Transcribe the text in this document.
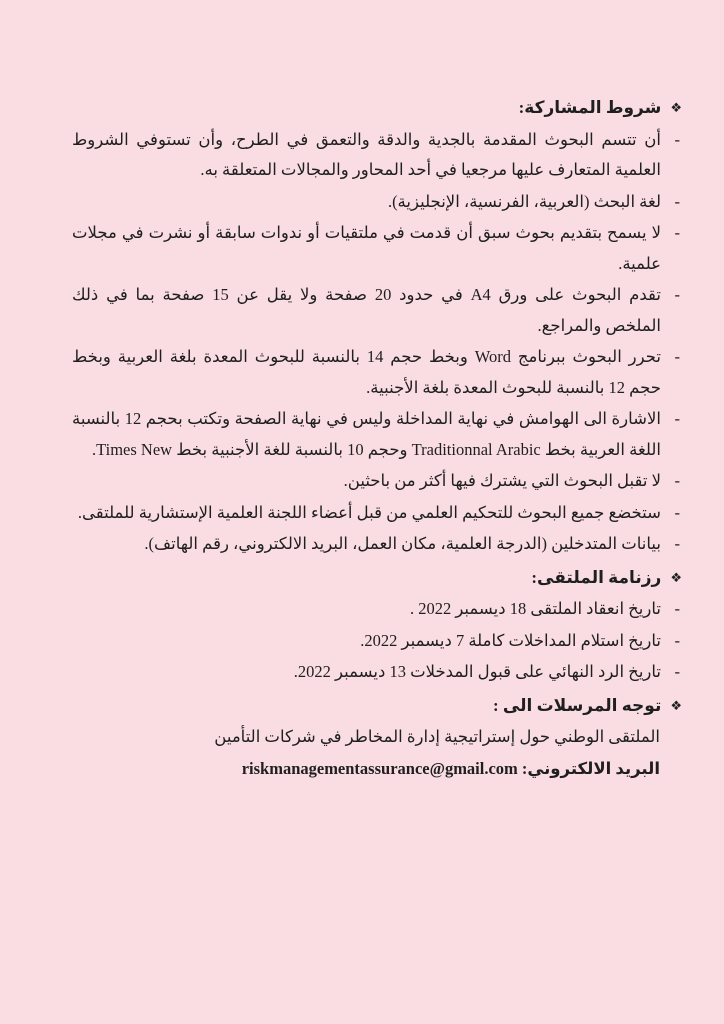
❖شروط المشاركة:
-
أن تتسم البحوث المقدمة بالجدية والدقة والتعمق في الطرح، وأن تستوفي الشروط العلمية المتعارف عليها مرجعيا في أحد المحاور والمجالات المتعلقة به.
-
لغة البحث (العربية، الفرنسية، الإنجليزية).
-
لا يسمح بتقديم بحوث سبق أن قدمت في ملتقيات أو ندوات سابقة أو نشرت في مجلات علمية.
-
تقدم البحوث على ورق A4 في حدود 20 صفحة ولا يقل عن 15 صفحة بما في ذلك الملخص والمراجع.
-
تحرر البحوث ببرنامج Word وبخط حجم 14 بالنسبة للبحوث المعدة بلغة العربية وبخط حجم 12 بالنسبة للبحوث المعدة بلغة الأجنبية.
-
الاشارة الى الهوامش في نهاية المداخلة وليس في نهاية الصفحة وتكتب بحجم 12 بالنسبة اللغة العربية بخط Traditionnal Arabic وحجم 10 بالنسبة للغة الأجنبية بخط Times New.
-
لا تقبل البحوث التي يشترك فيها أكثر من باحثين.
-
ستخضع جميع البحوث للتحكيم العلمي من قبل أعضاء اللجنة العلمية الإستشارية للملتقى.
-
بيانات المتدخلين (الدرجة العلمية، مكان العمل، البريد الالكتروني، رقم الهاتف).
❖رزنامة الملتقى:
-
تاريخ انعقاد الملتقى 18 ديسمبر 2022 .
-
تاريخ استلام المداخلات كاملة 7 ديسمبر 2022.
-
تاريخ الرد النهائي على قبول المدخلات 13 ديسمبر 2022.
❖توجه المرسلات الى :
الملتقى الوطني حول إستراتيجية إدارة المخاطر في شركات التأمين
البريد الالكتروني: riskmanagementassurance@gmail.com
